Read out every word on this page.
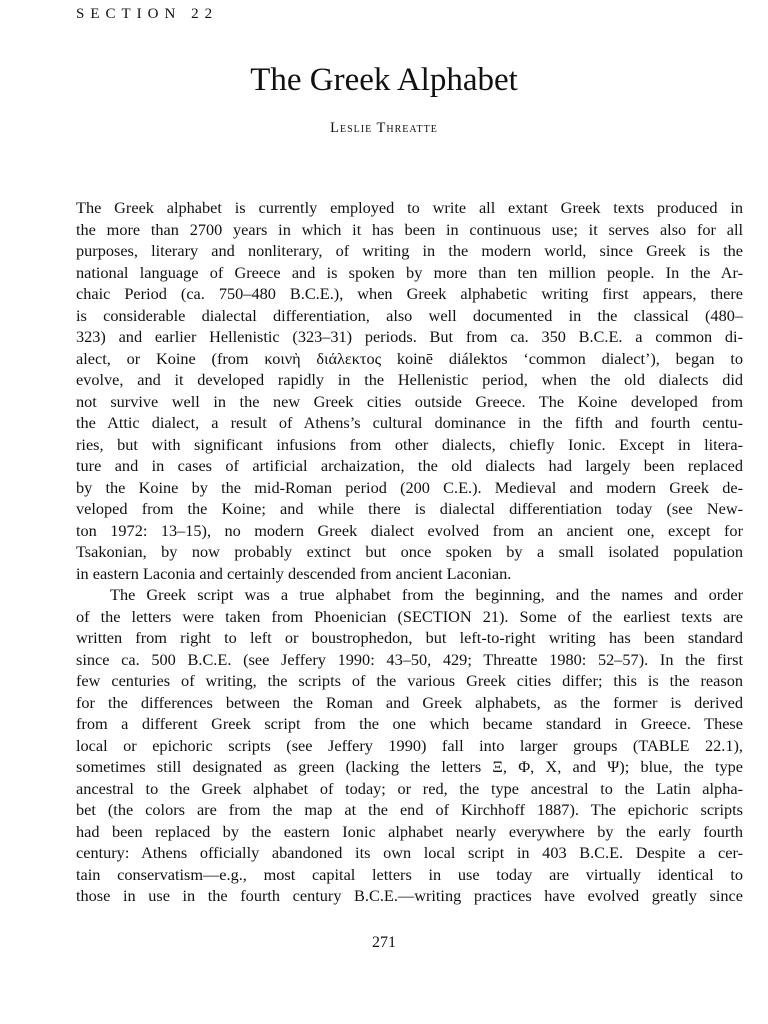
SECTION 22
The Greek Alphabet
Leslie Threatte
The Greek alphabet is currently employed to write all extant Greek texts produced in
the more than 2700 years in which it has been in continuous use; it serves also for all
purposes, literary and nonliterary, of writing in the modern world, since Greek is the
national language of Greece and is spoken by more than ten million people. In the Ar-
chaic Period (ca. 750–480 B.C.E.), when Greek alphabetic writing first appears, there
is considerable dialectal differentiation, also well documented in the classical (480–
323) and earlier Hellenistic (323–31) periods. But from ca. 350 B.C.E. a common di-
alect, or Koine (from κοινὴ διάλεκτος koinē diálektos ‘common dialect’), began to
evolve, and it developed rapidly in the Hellenistic period, when the old dialects did
not survive well in the new Greek cities outside Greece. The Koine developed from
the Attic dialect, a result of Athens’s cultural dominance in the fifth and fourth centu-
ries, but with significant infusions from other dialects, chiefly Ionic. Except in litera-
ture and in cases of artificial archaization, the old dialects had largely been replaced
by the Koine by the mid-Roman period (200 C.E.). Medieval and modern Greek de-
veloped from the Koine; and while there is dialectal differentiation today (see New-
ton 1972: 13–15), no modern Greek dialect evolved from an ancient one, except for
Tsakonian, by now probably extinct but once spoken by a small isolated population
in eastern Laconia and certainly descended from ancient Laconian.
The Greek script was a true alphabet from the beginning, and the names and order
of the letters were taken from Phoenician (SECTION 21). Some of the earliest texts are
written from right to left or boustrophedon, but left-to-right writing has been standard
since ca. 500 B.C.E. (see Jeffery 1990: 43–50, 429; Threatte 1980: 52–57). In the first
few centuries of writing, the scripts of the various Greek cities differ; this is the reason
for the differences between the Roman and Greek alphabets, as the former is derived
from a different Greek script from the one which became standard in Greece. These
local or epichoric scripts (see Jeffery 1990) fall into larger groups (TABLE 22.1),
sometimes still designated as green (lacking the letters Ξ, Φ, X, and Ψ); blue, the type
ancestral to the Greek alphabet of today; or red, the type ancestral to the Latin alpha-
bet (the colors are from the map at the end of Kirchhoff 1887). The epichoric scripts
had been replaced by the eastern Ionic alphabet nearly everywhere by the early fourth
century: Athens officially abandoned its own local script in 403 B.C.E. Despite a cer-
tain conservatism—e.g., most capital letters in use today are virtually identical to
those in use in the fourth century B.C.E.—writing practices have evolved greatly since
271
